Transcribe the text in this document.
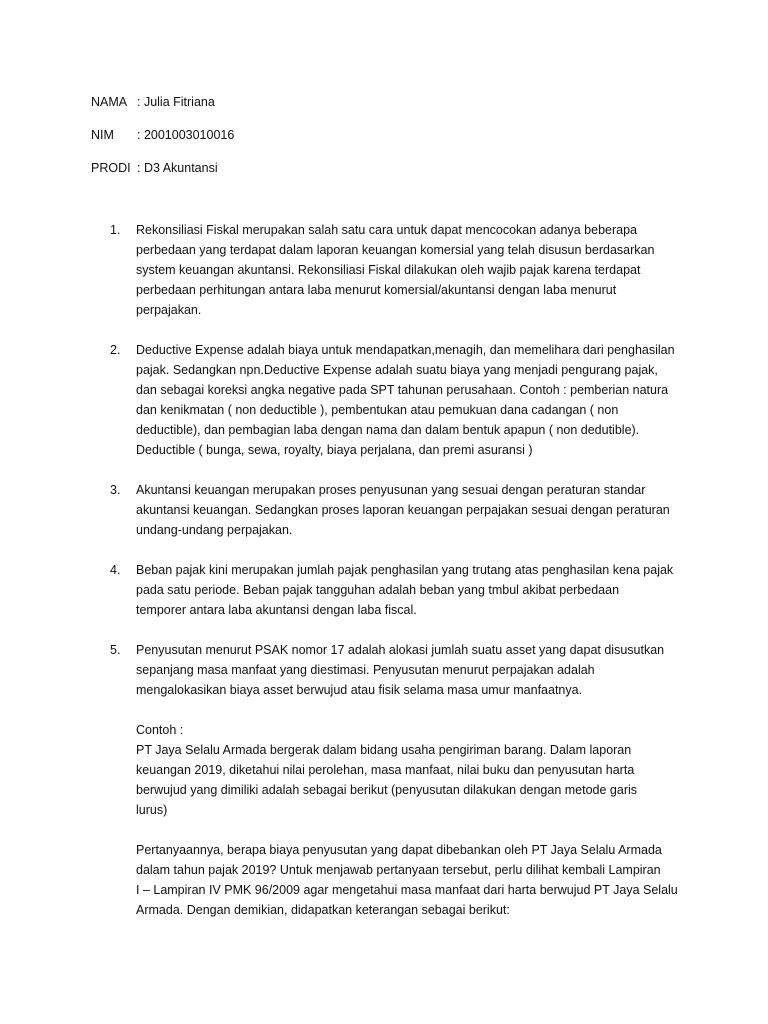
NAMA : Julia Fitriana
NIM	: 2001003010016
PRODI : D3 Akuntansi
1.	Rekonsiliasi Fiskal merupakan salah satu cara untuk dapat mencocokan adanya beberapa
perbedaan yang terdapat dalam laporan keuangan komersial yang telah disusun berdasarkan
system keuangan akuntansi. Rekonsiliasi Fiskal dilakukan oleh wajib pajak karena terdapat
perbedaan perhitungan antara laba menurut komersial/akuntansi dengan laba menurut
perpajakan.
2.	Deductive Expense adalah biaya untuk mendapatkan,menagih, dan memelihara dari penghasilan
pajak. Sedangkan npn.Deductive Expense adalah suatu biaya yang menjadi pengurang pajak,
dan sebagai koreksi angka negative pada SPT tahunan perusahaan. Contoh : pemberian natura
dan kenikmatan ( non deductible ), pembentukan atau pemukuan dana cadangan ( non
deductible), dan pembagian laba dengan nama dan dalam bentuk apapun ( non dedutible).
Deductible ( bunga, sewa, royalty, biaya perjalana, dan premi asuransi )
3.	Akuntansi keuangan merupakan proses penyusunan yang sesuai dengan peraturan standar
akuntansi keuangan. Sedangkan proses laporan keuangan perpajakan sesuai dengan peraturan
undang-undang perpajakan.
4.	Beban pajak kini merupakan jumlah pajak penghasilan yang trutang atas penghasilan kena pajak
pada satu periode. Beban pajak tangguhan adalah beban yang tmbul akibat perbedaan
temporer antara laba akuntansi dengan laba fiscal.
5.	Penyusutan menurut PSAK nomor 17 adalah alokasi jumlah suatu asset yang dapat disusutkan
sepanjang masa manfaat yang diestimasi. Penyusutan menurut perpajakan adalah
mengalokasikan biaya asset berwujud atau fisik selama masa umur manfaatnya.
Contoh :
PT Jaya Selalu Armada bergerak dalam bidang usaha pengiriman barang. Dalam laporan
keuangan 2019, diketahui nilai perolehan, masa manfaat, nilai buku dan penyusutan harta
berwujud yang dimiliki adalah sebagai berikut (penyusutan dilakukan dengan metode garis
lurus)
Pertanyaannya, berapa biaya penyusutan yang dapat dibebankan oleh PT Jaya Selalu Armada
dalam tahun pajak 2019? Untuk menjawab pertanyaan tersebut, perlu dilihat kembali Lampiran
I – Lampiran IV PMK 96/2009 agar mengetahui masa manfaat dari harta berwujud PT Jaya Selalu
Armada. Dengan demikian, didapatkan keterangan sebagai berikut:
